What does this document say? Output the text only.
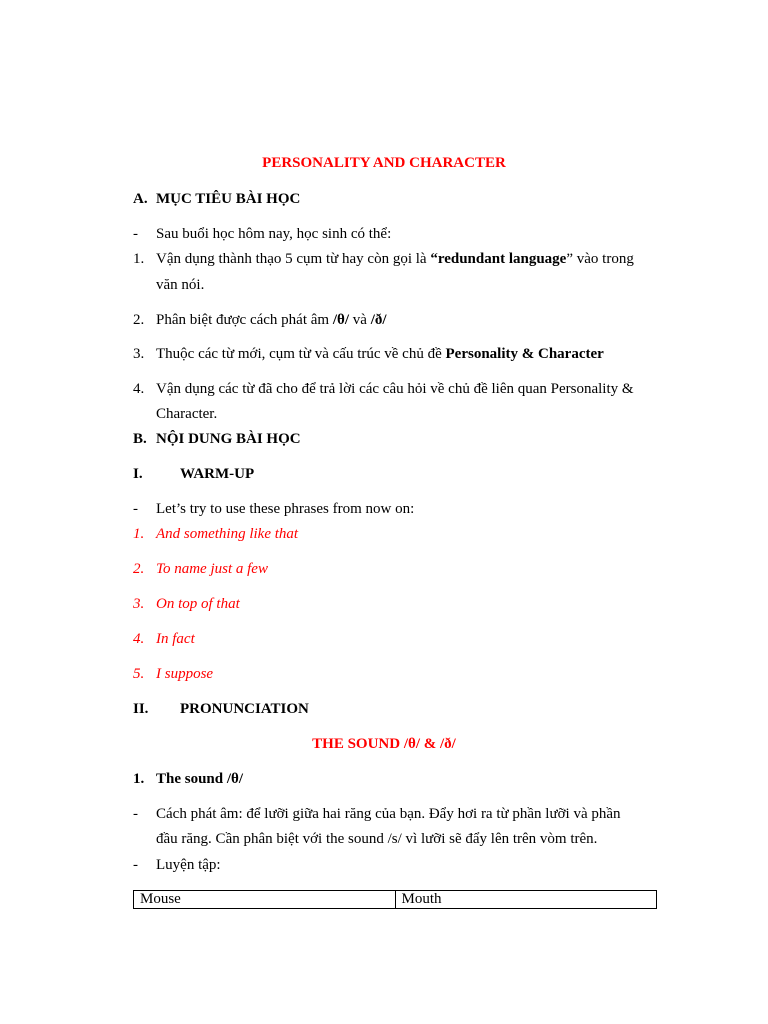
PERSONALITY AND CHARACTER
A. MỤC TIÊU BÀI HỌC
- Sau buổi học hôm nay, học sinh có thể:
1. Vận dụng thành thạo 5 cụm từ hay còn gọi là “redundant language” vào trong
văn nói.
2. Phân biệt được cách phát âm /θ/ và /ð/
3. Thuộc các từ mới, cụm từ và cấu trúc về chủ đề Personality & Character
4. Vận dụng các từ đã cho để trả lời các câu hỏi về chủ đề liên quan Personality &
Character.
B. NỘI DUNG BÀI HỌC
I. WARM-UP
- Let’s try to use these phrases from now on:
1. And something like that
2. To name just a few
3. On top of that
4. In fact
5. I suppose
II. PRONUNCIATION
THE SOUND /θ/ & /ð/
1. The sound /θ/
- Cách phát âm: để lưỡi giữa hai răng của bạn. Đẩy hơi ra từ phần lưỡi và phần
đầu răng. Cần phân biệt với the sound /s/ vì lưỡi sẽ đẩy lên trên vòm trên.
- Luyện tập:
Mouse	Mouth
